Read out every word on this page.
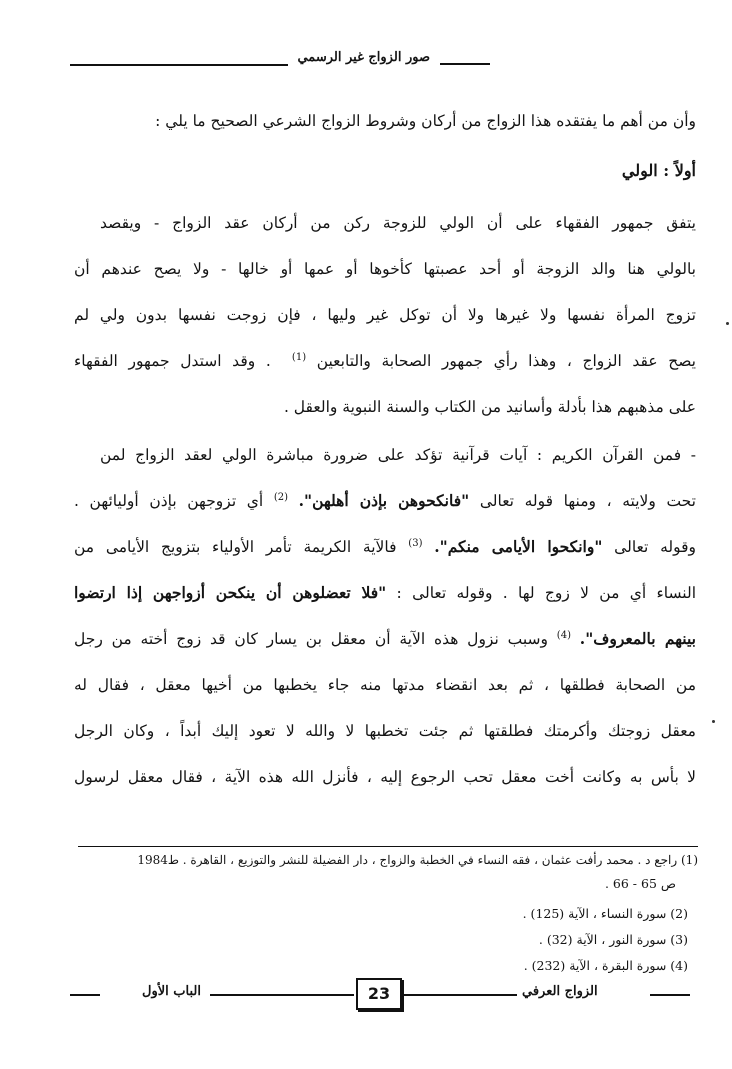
صور الزواج غير الرسمي
وأن من أهم ما يفتقده هذا الزواج من أركان وشروط الزواج الشرعي الصحيح ما يلي :
أولاً : الولي
يتفق جمهور الفقهاء على أن الولي للزوجة ركن من أركان عقد الزواج - ويقصد
بالولي هنا والد الزوجة أو أحد عصبتها كأخوها أو عمها أو خالها - ولا يصح عندهم أن
تزوج المرأة نفسها ولا غيرها ولا أن توكل غير وليها ، فإن زوجت نفسها بدون ولي لم
يصح عقد الزواج ، وهذا رأي جمهور الصحابة والتابعين $^{(1)}$  . وقد استدل جمهور الفقهاء
على مذهبهم هذا بأدلة وأسانيد من الكتاب والسنة النبوية والعقل .
- فمن القرآن الكريم : آيات قرآنية تؤكد على ضرورة مباشرة الولي لعقد الزواج لمن
تحت ولايته ، ومنها قوله تعالى "فانكحوهن بإذن أهلهن". $^{(2)}$ أي تزوجهن بإذن أوليائهن .
وقوله تعالى "وانكحوا الأيامى منكم". $^{(3)}$ فالآية الكريمة تأمر الأولياء بتزويج الأيامى من
النساء أي من لا زوج لها . وقوله تعالى : "فلا تعضلوهن أن ينكحن أزواجهن إذا ارتضوا
بينهم بالمعروف". $^{(4)}$ وسبب نزول هذه الآية أن معقل بن يسار كان قد زوج أخته من رجل
من الصحابة فطلقها ، ثم بعد انقضاء مدتها منه جاء يخطبها من أخيها معقل ، فقال له
معقل زوجتك وأكرمتك فطلقتها ثم جئت تخطبها لا والله لا تعود إليك أبداً ، وكان الرجل
لا بأس به وكانت أخت معقل تحب الرجوع إليه ، فأنزل الله هذه الآية ، فقال معقل لرسول
(1) راجع د . محمد رأفت عثمان ، فقه النساء في الخطبة والزواج ، دار الفضيلة للنشر والتوزيع ، القاهرة . ط1984
ص 65 - 66 .
(2) سورة النساء ، الآية (125) .
(3) سورة النور ، الآية (32) .
(4) سورة البقرة ، الآية (232) .
الباب الأول	23	الزواج العرفي
